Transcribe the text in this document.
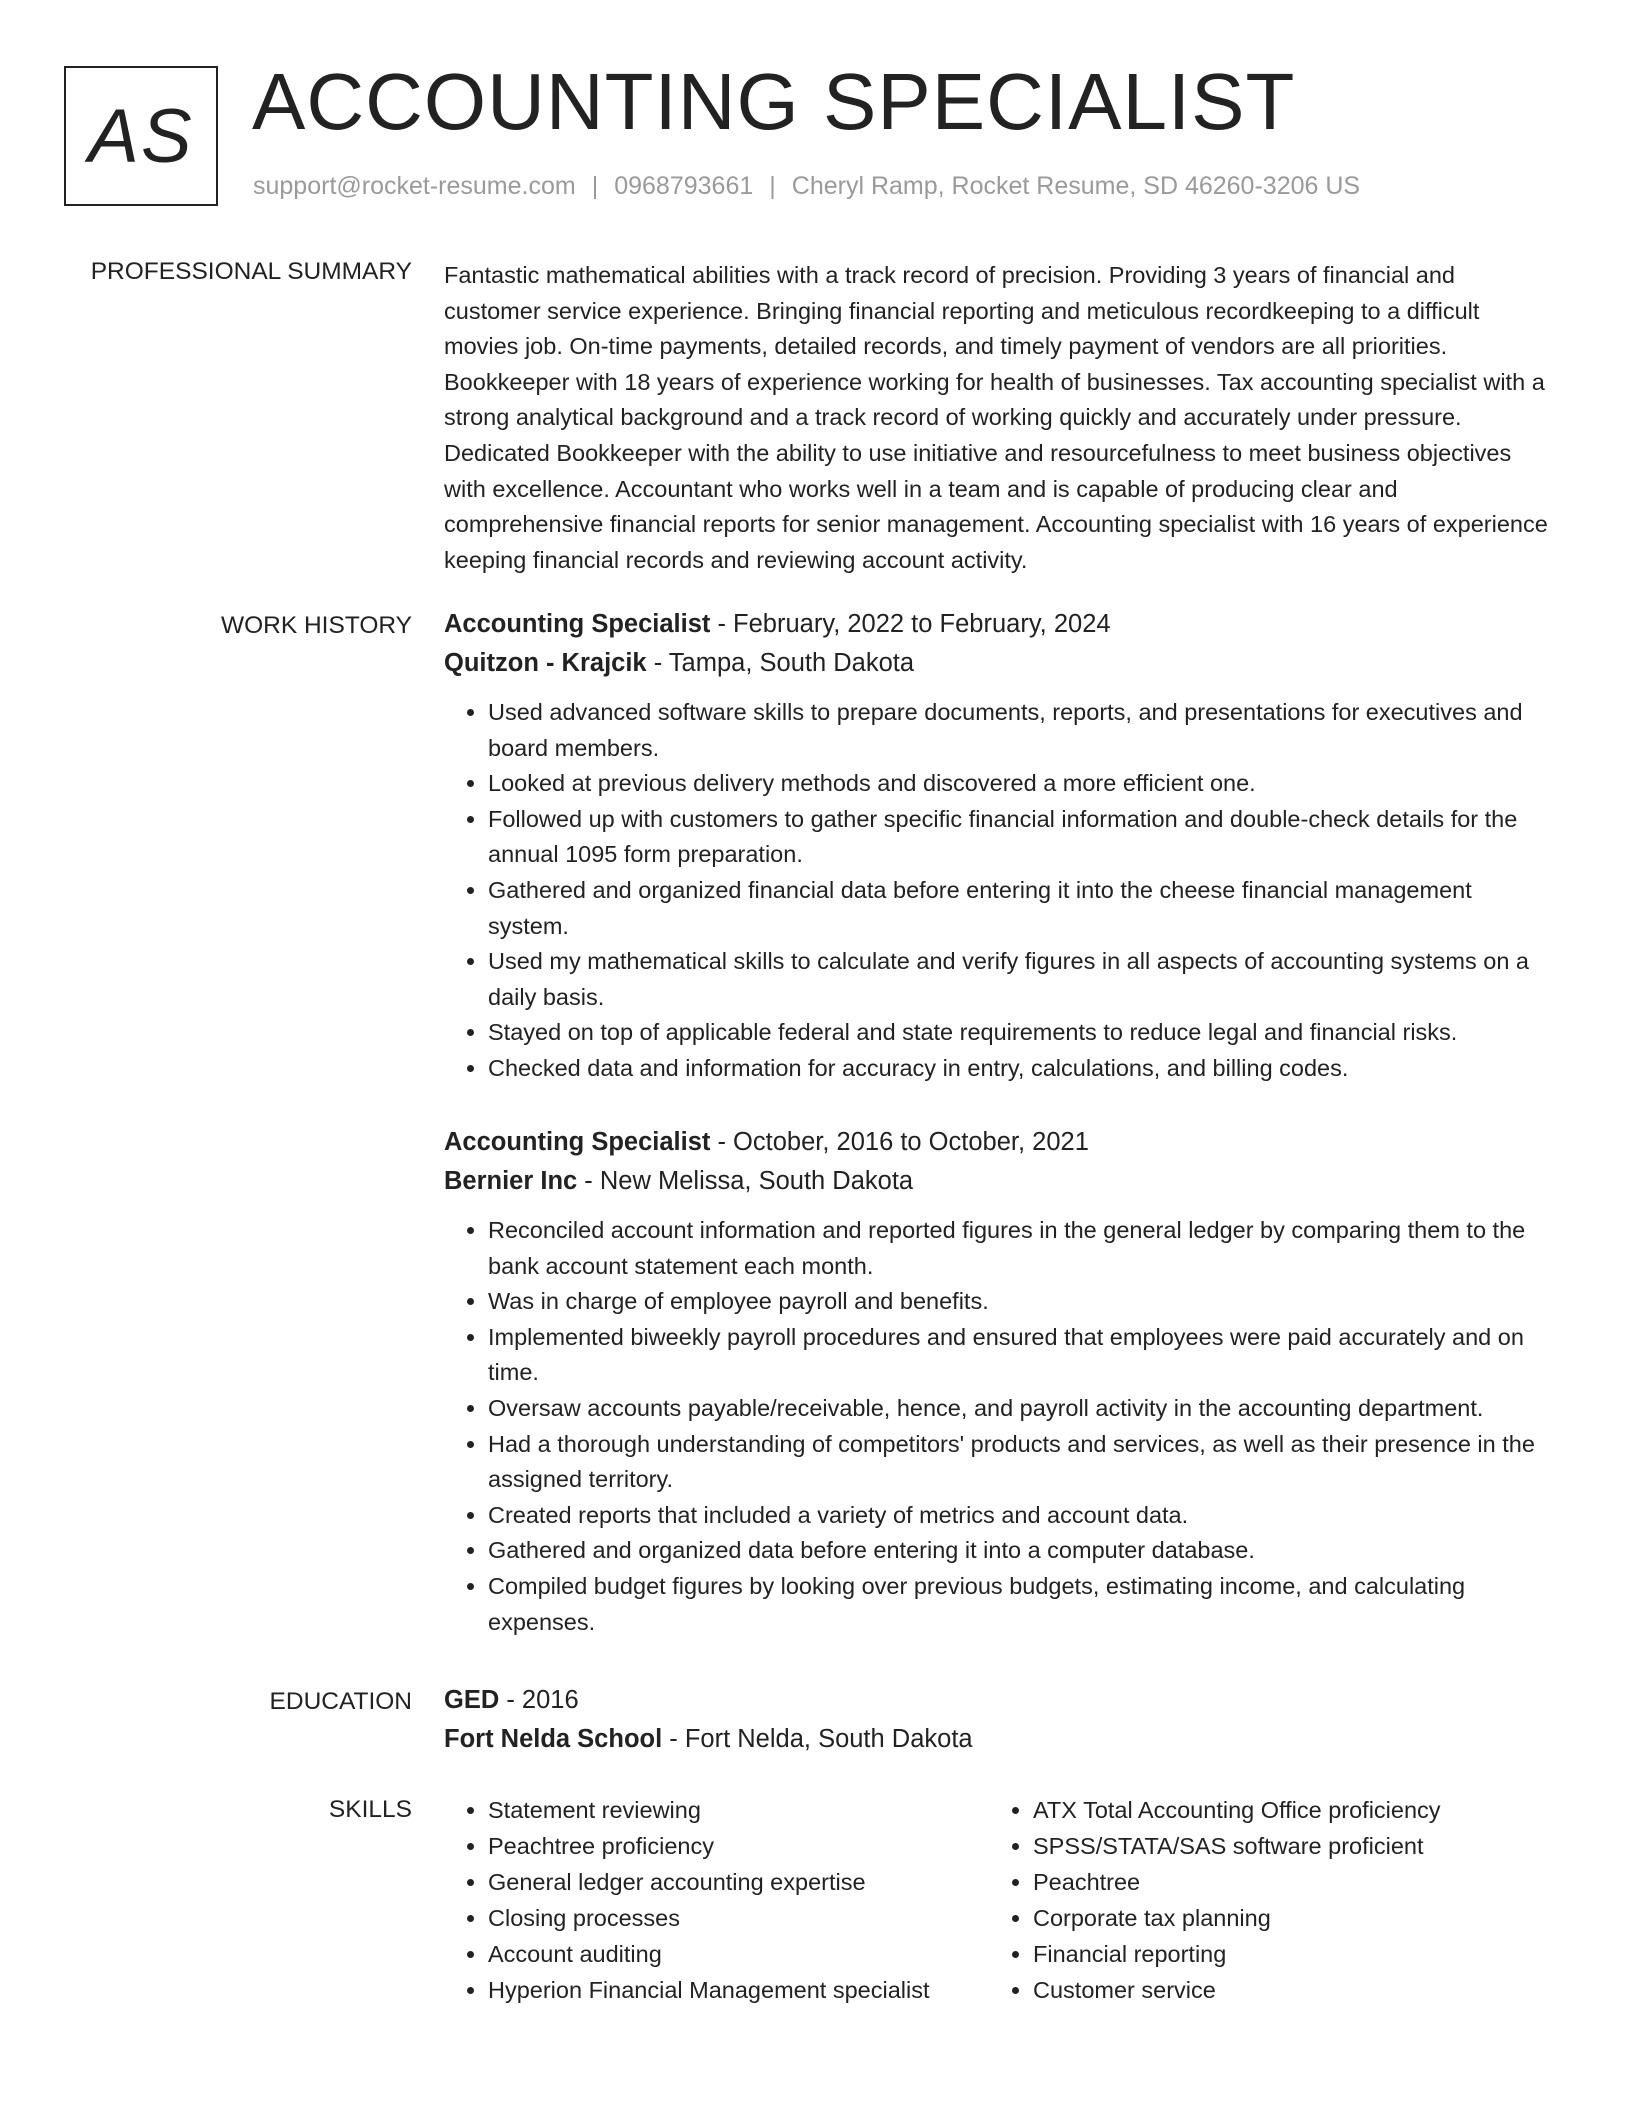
AS ACCOUNTING SPECIALIST
support@rocket-resume.com | 0968793661 | Cheryl Ramp, Rocket Resume, SD 46260-3206 US
PROFESSIONAL SUMMARY Fantastic mathematical abilities with a track record of precision. Providing 3 years of financial and customer service experience. Bringing financial reporting and meticulous recordkeeping to a difficult movies job. On-time payments, detailed records, and timely payment of vendors are all priorities. Bookkeeper with 18 years of experience working for health of businesses. Tax accounting specialist with a strong analytical background and a track record of working quickly and accurately under pressure. Dedicated Bookkeeper with the ability to use initiative and resourcefulness to meet business objectives with excellence. Accountant who works well in a team and is capable of producing clear and comprehensive financial reports for senior management. Accounting specialist with 16 years of experience keeping financial records and reviewing account activity.

WORK HISTORY Accounting Specialist - February, 2022 to February, 2024
Quitzon - Krajcik - Tampa, South Dakota
• Used advanced software skills to prepare documents, reports, and presentations for executives and board members.
• Looked at previous delivery methods and discovered a more efficient one.
• Followed up with customers to gather specific financial information and double-check details for the annual 1095 form preparation.
• Gathered and organized financial data before entering it into the cheese financial management system.
• Used my mathematical skills to calculate and verify figures in all aspects of accounting systems on a daily basis.
• Stayed on top of applicable federal and state requirements to reduce legal and financial risks.
• Checked data and information for accuracy in entry, calculations, and billing codes.
Accounting Specialist - October, 2016 to October, 2021
Bernier Inc - New Melissa, South Dakota
• Reconciled account information and reported figures in the general ledger by comparing them to the bank account statement each month.
• Was in charge of employee payroll and benefits.
• Implemented biweekly payroll procedures and ensured that employees were paid accurately and on time.
• Oversaw accounts payable/receivable, hence, and payroll activity in the accounting department.
• Had a thorough understanding of competitors' products and services, as well as their presence in the assigned territory.
• Created reports that included a variety of metrics and account data.
• Gathered and organized data before entering it into a computer database.
• Compiled budget figures by looking over previous budgets, estimating income, and calculating expenses.
EDUCATION GED - 2016
Fort Nelda School - Fort Nelda, South Dakota
SKILLS
•	Statement reviewing
• Peachtree proficiency
• General ledger accounting expertise
• Closing processes
• Account auditing
• Hyperion Financial Management specialist
• ATX Total Accounting Office proficiency
• SPSS/STATA/SAS software proficient
• Peachtree
• Corporate tax planning
• Financial reporting
• Customer service
